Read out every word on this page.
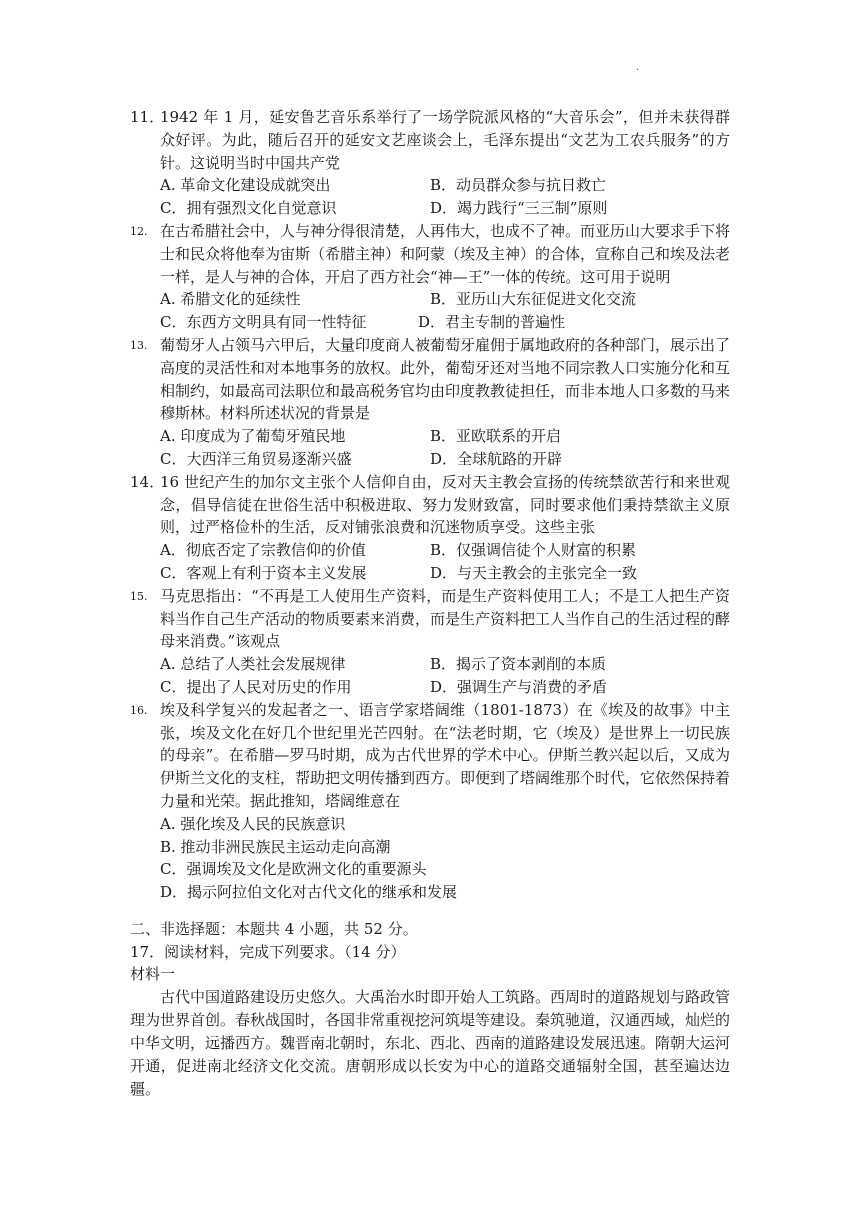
.
11．
1942 年 1 月，延安鲁艺音乐系举行了一场学院派风格的“大音乐会”，但并未获得群众好评。为此，随后召开的延安文艺座谈会上，毛泽东提出“文艺为工农兵服务”的方针。这说明当时中国共产党
A. 革命文化建设成就突出	B．动员群众参与抗日救亡
C．拥有强烈文化自觉意识	D．竭力践行“三三制”原则
12. 在古希腊社会中，人与神分得很清楚，人再伟大，也成不了神。而亚历山大要求手下将士和民众将他奉为宙斯（希腊主神）和阿蒙（埃及主神）的合体，宣称自己和埃及法老一样，是人与神的合体，开启了西方社会“神—王”一体的传统。这可用于说明
A. 希腊文化的延续性	B．亚历山大东征促进文化交流
C．东西方文明具有同一性特征	D．君主专制的普遍性
13. 葡萄牙人占领马六甲后，大量印度商人被葡萄牙雇佣于属地政府的各种部门，展示出了高度的灵活性和对本地事务的放权。此外，葡萄牙还对当地不同宗教人口实施分化和互相制约，如最高司法职位和最高税务官均由印度教教徒担任，而非本地人口多数的马来穆斯林。材料所述状况的背景是
A. 印度成为了葡萄牙殖民地	B．亚欧联系的开启
C．大西洋三角贸易逐渐兴盛	D．全球航路的开辟
14．
16 世纪产生的加尔文主张个人信仰自由，反对天主教会宣扬的传统禁欲苦行和来世观念，倡导信徒在世俗生活中积极进取、努力发财致富，同时要求他们秉持禁欲主义原则，过严格俭朴的生活，反对铺张浪费和沉迷物质享受。这些主张
A．彻底否定了宗教信仰的价值	B．仅强调信徒个人财富的积累
C．客观上有利于资本主义发展	D．与天主教会的主张完全一致
15. 马克思指出：“不再是工人使用生产资料，而是生产资料使用工人；不是工人把生产资料当作自己生产活动的物质要素来消费，而是生产资料把工人当作自己的生活过程的酵母来消费。”该观点
A. 总结了人类社会发展规律	B．揭示了资本剥削的本质
C．提出了人民对历史的作用	D．强调生产与消费的矛盾
16. 埃及科学复兴的发起者之一、语言学家塔阔维（1801-1873）在《埃及的故事》中主张，埃及文化在好几个世纪里光芒四射。在“法老时期，它（埃及）是世界上一切民族的母亲”。在希腊—罗马时期，成为古代世界的学术中心。伊斯兰教兴起以后，又成为伊斯兰文化的支柱，帮助把文明传播到西方。即便到了塔阔维那个时代，它依然保持着力量和光荣。据此推知，塔阔维意在
A. 强化埃及人民的民族意识
B. 推动非洲民族民主运动走向高潮
C．强调埃及文化是欧洲文化的重要源头
D．揭示阿拉伯文化对古代文化的继承和发展
二、非选择题：本题共 4 小题，共 52 分。
17．阅读材料，完成下列要求。（14 分）
材料一
古代中国道路建设历史悠久。大禹治水时即开始人工筑路。西周时的道路规划与路政管理为世界首创。春秋战国时，各国非常重视挖河筑堤等建设。秦筑驰道，汉通西域，灿烂的中华文明，远播西方。魏晋南北朝时，东北、西北、西南的道路建设发展迅速。隋朝大运河开通，促进南北经济文化交流。唐朝形成以长安为中心的道路交通辐射全国，甚至遍达边疆。
